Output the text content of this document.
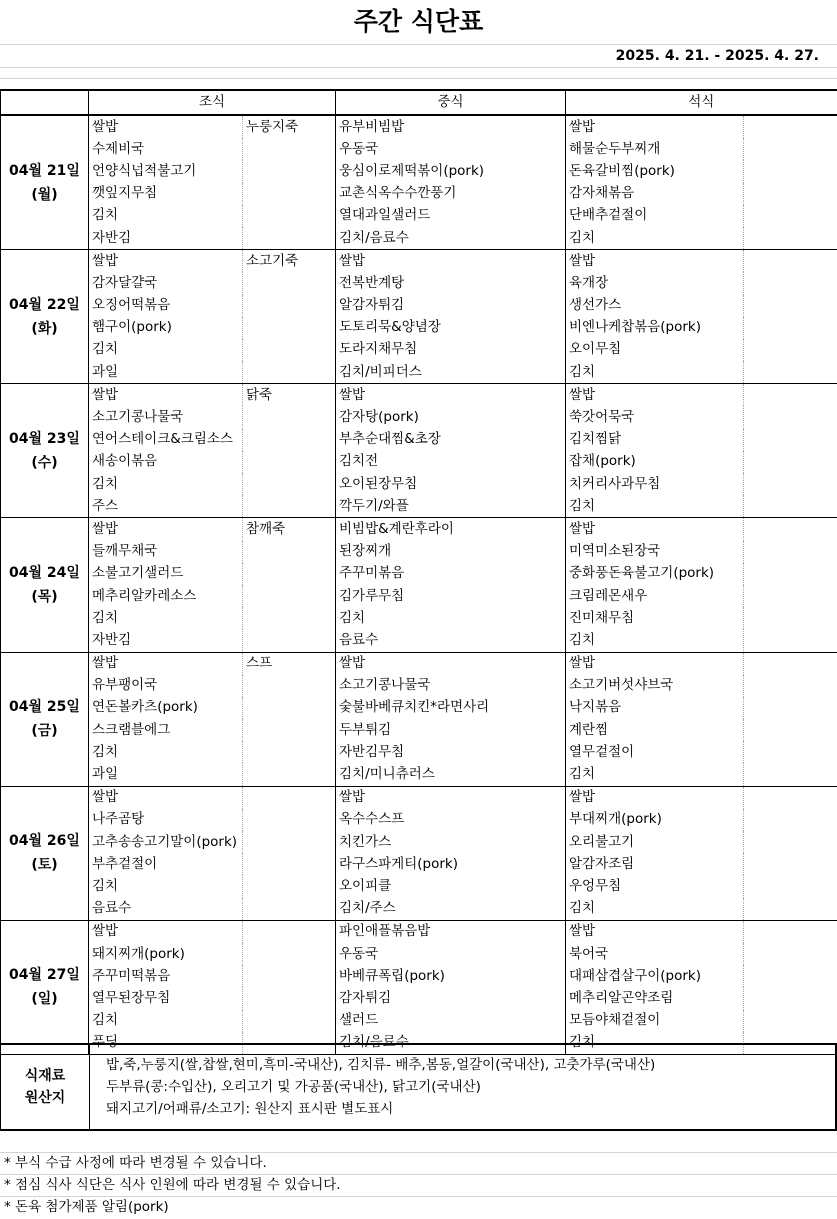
주간 식단표
2025. 4. 21. - 2025. 4. 27.
	조식		중식	석식	

04월 21일
(월)	쌀밥	누룽지죽	유부비빔밥	쌀밥	
	수제비국		우동국	해물순두부찌개	
	언양식넙적불고기		웅심이로제떡볶이(pork)	돈육갈비찜(pork)	
	깻잎지무침		교촌식옥수수깐풍기	감자채볶음	
	김치		열대과일샐러드	단배추겉절이	
	자반김		김치/음료수	김치	

04월 22일
(화)	쌀밥	소고기죽	쌀밥	쌀밥	
	감자달걀국		전복반계탕	육개장	
	오징어떡볶음		알감자튀김	생선가스	
	햄구이(pork)		도토리묵&양념장	비엔나케찹볶음(pork)	
	김치		도라지채무침	오이무침	
	과일		김치/비피더스	김치	

04월 23일
(수)	쌀밥	닭죽	쌀밥	쌀밥	
	소고기콩나물국		감자탕(pork)	쑥갓어묵국	
	연어스테이크&크림소스		부추순대찜&초장	김치찜닭	
	새송이볶음		김치전	잡채(pork)	
	김치		오이된장무침	치커리사과무침	
	주스		깍두기/와플	김치	

04월 24일
(목)	쌀밥	참깨죽	비빔밥&계란후라이	쌀밥	
	들깨무채국		된장찌개	미역미소된장국	
	소불고기샐러드		주꾸미볶음	중화풍돈육불고기(pork)	
	메추리알카레소스		김가루무침	크림레몬새우	
	김치		김치	진미채무침	
	자반김		음료수	김치	

04월 25일
(금)	쌀밥	스프	쌀밥	쌀밥	
	유부팽이국		소고기콩나물국	소고기버섯샤브국	
	연돈볼카츠(pork)		숯불바베큐치킨*라면사리	낙지볶음	
	스크램블에그		두부튀김	계란찜	
	김치		자반김무침	열무겉절이	
	과일		김치/미니츄러스	김치	

04월 26일
(토)	쌀밥		쌀밥	쌀밥	
	나주곰탕		옥수수스프	부대찌개(pork)	
	고추송송고기말이(pork)		치킨가스	오리불고기	
	부추겉절이		라구스파게티(pork)	알감자조림	
	김치		오이피클	우엉무침	
	음료수		김치/주스	김치	

04월 27일
(일)	쌀밥		파인애플볶음밥	쌀밥	
	돼지찌개(pork)		우동국	북어국	
	주꾸미떡볶음		바베큐폭립(pork)	대패삼겹살구이(pork)	
	열무된장무침		감자튀김	메추리알곤약조림	
	김치		샐러드	모듬야채겉절이	
	푸딩		김치/음료수	김치	
식재료
원산지
밥,죽,누룽지(쌀,찹쌀,현미,흑미-국내산), 김치류- 배추,봄동,얼갈이(국내산), 고춧가루(국내산)
두부류(콩:수입산), 오리고기 및 가공품(국내산), 닭고기(국내산)
돼지고기/어패류/소고기: 원산지 표시판 별도표시
* 부식 수급 사정에 따라 변경될 수 있습니다.
* 점심 식사 식단은 식사 인원에 따라 변경될 수 있습니다.
* 돈육 첨가제품 알림(pork)
